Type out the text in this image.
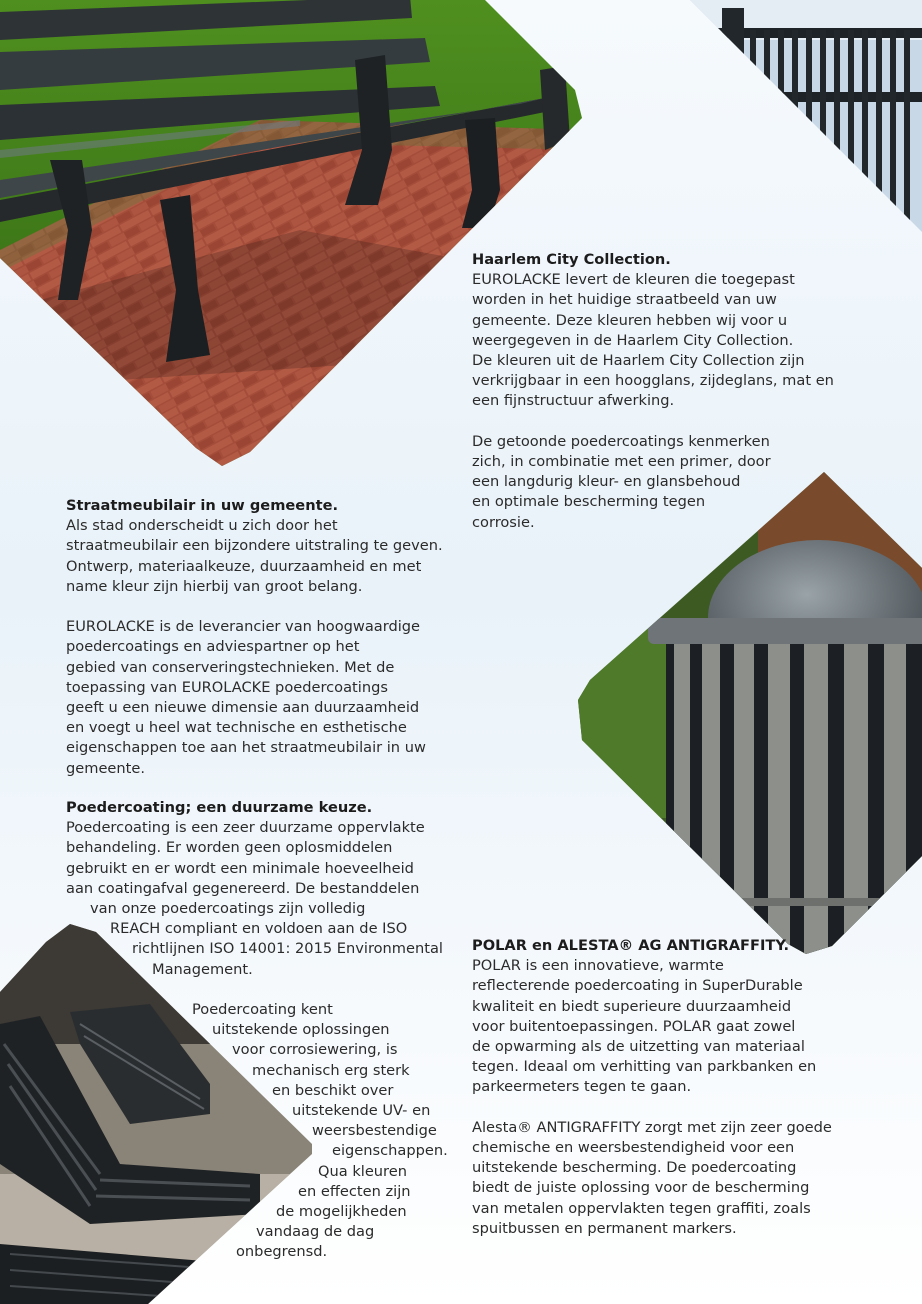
Haarlem City Collection.

EUROLACKE levert de kleuren die toegepast
worden in het huidige straatbeeld van uw
gemeente. Deze kleuren hebben wij voor u
weergegeven in de Haarlem City Collection.
De kleuren uit de Haarlem City Collection zijn
verkrijgbaar in een hoogglans, zijdeglans, mat en
een fijnstructuur afwerking.

De getoonde poedercoatings kenmerken
zich, in combinatie met een primer, door
een langdurig kleur- en glansbehoud
en optimale bescherming tegen
corrosie.

Straatmeubilair in uw gemeente.

Als stad onderscheidt u zich door het
straatmeubilair een bijzondere uitstraling te geven.
Ontwerp, materiaalkeuze, duurzaamheid en met
name kleur zijn hierbij van groot belang.

EUROLACKE is de leverancier van hoogwaardige
poedercoatings en adviespartner op het
gebied van conserveringstechnieken. Met de
toepassing van EUROLACKE poedercoatings
geeft u een nieuwe dimensie aan duurzaamheid
en voegt u heel wat technische en esthetische
eigenschappen toe aan het straatmeubilair in uw
gemeente.

Poedercoating; een duurzame keuze.

Poedercoating is een zeer duurzame oppervlakte
behandeling. Er worden geen oplosmiddelen
gebruikt en er wordt een minimale hoeveelheid
aan coatingafval gegenereerd. De bestanddelen
van onze poedercoatings zijn volledig
REACH compliant en voldoen aan de ISO
richtlijnen ISO 14001: 2015 Environmental
Management.

Poedercoating kent
uitstekende oplossingen
voor corrosiewering, is
mechanisch erg sterk
en beschikt over
uitstekende UV- en
weersbestendige
eigenschappen.
Qua kleuren
en effecten zijn
de mogelijkheden
vandaag de dag
onbegrensd.

POLAR en ALESTA® AG ANTIGRAFFITY.

POLAR is een innovatieve, warmte
reflecterende poedercoating in SuperDurable
kwaliteit en biedt superieure duurzaamheid
voor buitentoepassingen. POLAR gaat zowel
de opwarming als de uitzetting van materiaal
tegen. Ideaal om verhitting van parkbanken en
parkeermeters tegen te gaan.

Alesta® ANTIGRAFFITY zorgt met zijn zeer goede
chemische en weersbestendigheid voor een
uitstekende bescherming. De poedercoating
biedt de juiste oplossing voor de bescherming
van metalen oppervlakten tegen graffiti, zoals
spuitbussen en permanent markers.
